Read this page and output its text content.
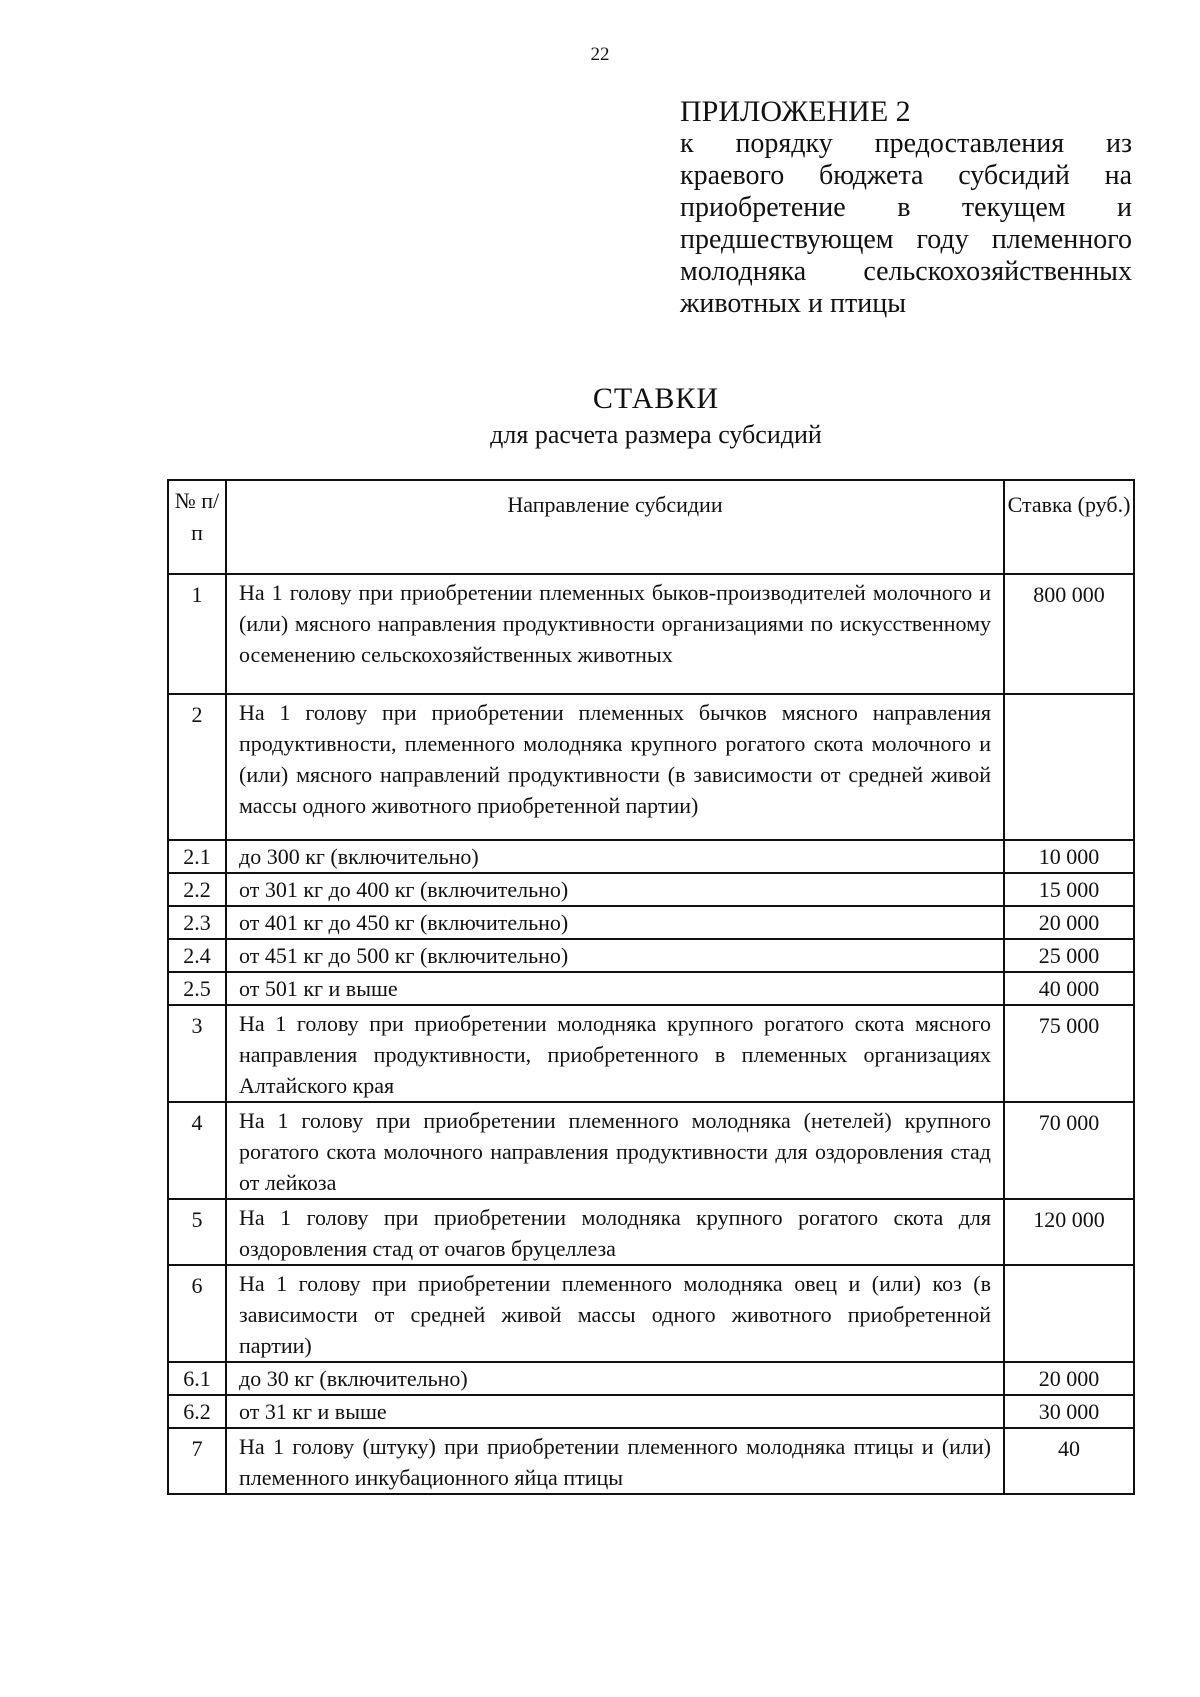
22
ПРИЛОЖЕНИЕ 2
к порядку предоставления из краевого бюджета субсидий на приобретение в текущем и предшествующем году племенного молодняка сельскохозяйственных животных и птицы
СТАВКИ
для расчета размера субсидий
№ п/п	Направление субсидии	Ставка (руб.)
1	На 1 голову при приобретении племенных быков-производителей молочного и (или) мясного направления продуктивности организациями по искусственному осеменению сельскохозяйственных животных	800 000
2	На 1 голову при приобретении племенных бычков мясного направления продуктивности, племенного молодняка крупного рогатого скота молочного и (или) мясного направлений продуктивности (в зависимости от средней живой массы одного животного приобретенной партии)	
2.1	до 300 кг (включительно)	10 000
2.2	от 301 кг до 400 кг (включительно)	15 000
2.3	от 401 кг до 450 кг (включительно)	20 000
2.4	от 451 кг до 500 кг (включительно)	25 000
2.5	от 501 кг и выше	40 000
3	На 1 голову при приобретении молодняка крупного рогатого скота мясного направления продуктивности, приобретенного в племенных организациях Алтайского края	75 000
4	На 1 голову при приобретении племенного молодняка (нетелей) крупного рогатого скота молочного направления продуктивности для оздоровления стад от лейкоза	70 000
5	На 1 голову при приобретении молодняка крупного рогатого скота для оздоровления стад от очагов бруцеллеза	120 000
6	На 1 голову при приобретении племенного молодняка овец и (или) коз (в зависимости от средней живой массы одного животного приобретенной партии)	
6.1	до 30 кг (включительно)	20 000
6.2	от 31 кг и выше	30 000
7	На 1 голову (штуку) при приобретении племенного молодняка птицы и (или) племенного инкубационного яйца птицы	40
